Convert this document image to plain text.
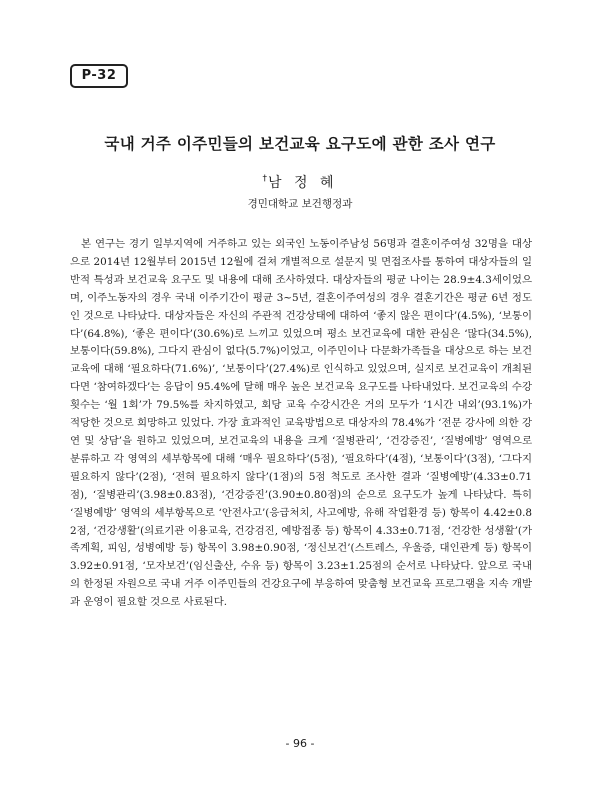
P-32
국내 거주 이주민들의 보건교육 요구도에 관한 조사 연구
†남 정 혜
경민대학교 보건행정과

본 연구는 경기 일부지역에 거주하고 있는 외국인 노동이주남성 56명과 결혼이주여성 32명을 대상으로 2014년 12월부터 2015년 12월에 걸쳐 개별적으로 설문지 및 면접조사를 통하여 대상자들의 일반적 특성과 보건교육 요구도 및 내용에 대해 조사하였다. 대상자들의 평균 나이는 28.9±4.3세이었으며, 이주노동자의 경우 국내 이주기간이 평균 3~5년, 결혼이주여성의 경우 결혼기간은 평균 6년 정도인 것으로 나타났다. 대상자들은 자신의 주관적 건강상태에 대하여 ‘좋지 않은 편이다’(4.5%), ‘보통이다’(64.8%), ‘좋은 편이다’(30.6%)로 느끼고 있었으며 평소 보건교육에 대한 관심은 ‘많다(34.5%), 보통이다(59.8%), 그다지 관심이 없다(5.7%)이었고, 이주민이나 다문화가족들을 대상으로 하는 보건교육에 대해 ‘필요하다(71.6%)’, ‘보통이다’(27.4%)로 인식하고 있었으며, 실지로 보건교육이 개최된다면 ‘참여하겠다’는 응답이 95.4%에 달해 매우 높은 보건교육 요구도를 나타내었다. 보건교육의 수강횟수는 ‘월 1회’가 79.5%를 차지하였고, 회당 교육 수강시간은 거의 모두가 ‘1시간 내외’(93.1%)가 적당한 것으로 희망하고 있었다. 가장 효과적인 교육방법으로 대상자의 78.4%가 ‘전문 강사에 의한 강연 및 상담’을 원하고 있었으며, 보건교육의 내용을 크게 ‘질병관리’, ‘건강증진’, ‘질병예방’ 영역으로 분류하고 각 영역의 세부항목에 대해 ‘매우 필요하다’(5점), ‘필요하다’(4점), ‘보통이다’(3점), ‘그다지 필요하지 않다’(2점), ‘전혀 필요하지 않다’(1점)의 5점 척도로 조사한 결과 ‘질병예방’(4.33±0.71점), ‘질병관리’(3.98±0.83점), ‘건강증진’(3.90±0.80점)의 순으로 요구도가 높게 나타났다. 특히 ‘질병예방’ 영역의 세부항목으로 ‘안전사고’(응급처치, 사고예방, 유해 작업환경 등) 항목이 4.42±0.82점, ‘건강생활’(의료기관 이용교육, 건강검진, 예방접종 등) 항목이 4.33±0.71점, ‘건강한 성생활’(가족계획, 피임, 성병예방 등) 항목이 3.98±0.90점, ‘정신보건’(스트레스, 우울증, 대인관계 등) 항목이 3.92±0.91점, ‘모자보건’(임신출산, 수유 등) 항목이 3.23±1.25점의 순서로 나타났다. 앞으로 국내의 한정된 자원으로 국내 거주 이주민들의 건강요구에 부응하여 맞춤형 보건교육 프로그램을 지속 개발과 운영이 필요할 것으로 사료된다.

- 96 -
